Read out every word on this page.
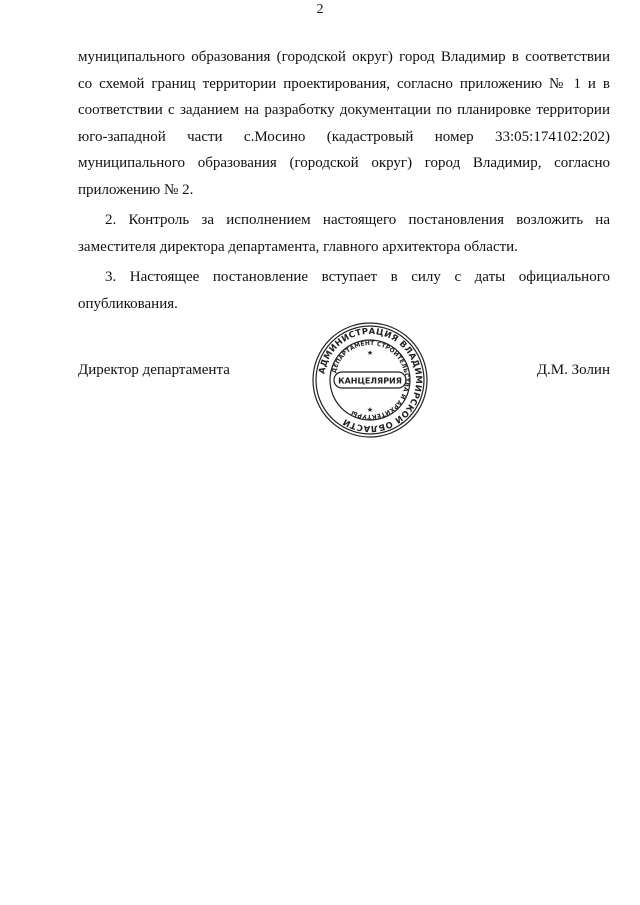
2

муниципального образования (городской округ) город Владимир в соответствии
со схемой границ территории проектирования, согласно приложению № 1 и в
соответствии с заданием на разработку документации по планировке территории
юго-западной части с.Мосино (кадастровый номер 33:05:174102:202)
муниципального образования (городской округ) город Владимир, согласно
приложению № 2.

2. Контроль за исполнением настоящего постановления возложить на
заместителя директора департамента, главного архитектора области.

3. Настоящее постановление вступает в силу с даты официального
опубликования.

Директор департамента	Д.М. Золин
АДМИНИСТРАЦИЯ ВЛАДИМИРСКОЙ ОБЛАСТИ
ДЕПАРТАМЕНТ СТРОИТЕЛЬСТВА И АРХИТЕКТУРЫ
КАНЦЕЛЯРИЯ
★
★
